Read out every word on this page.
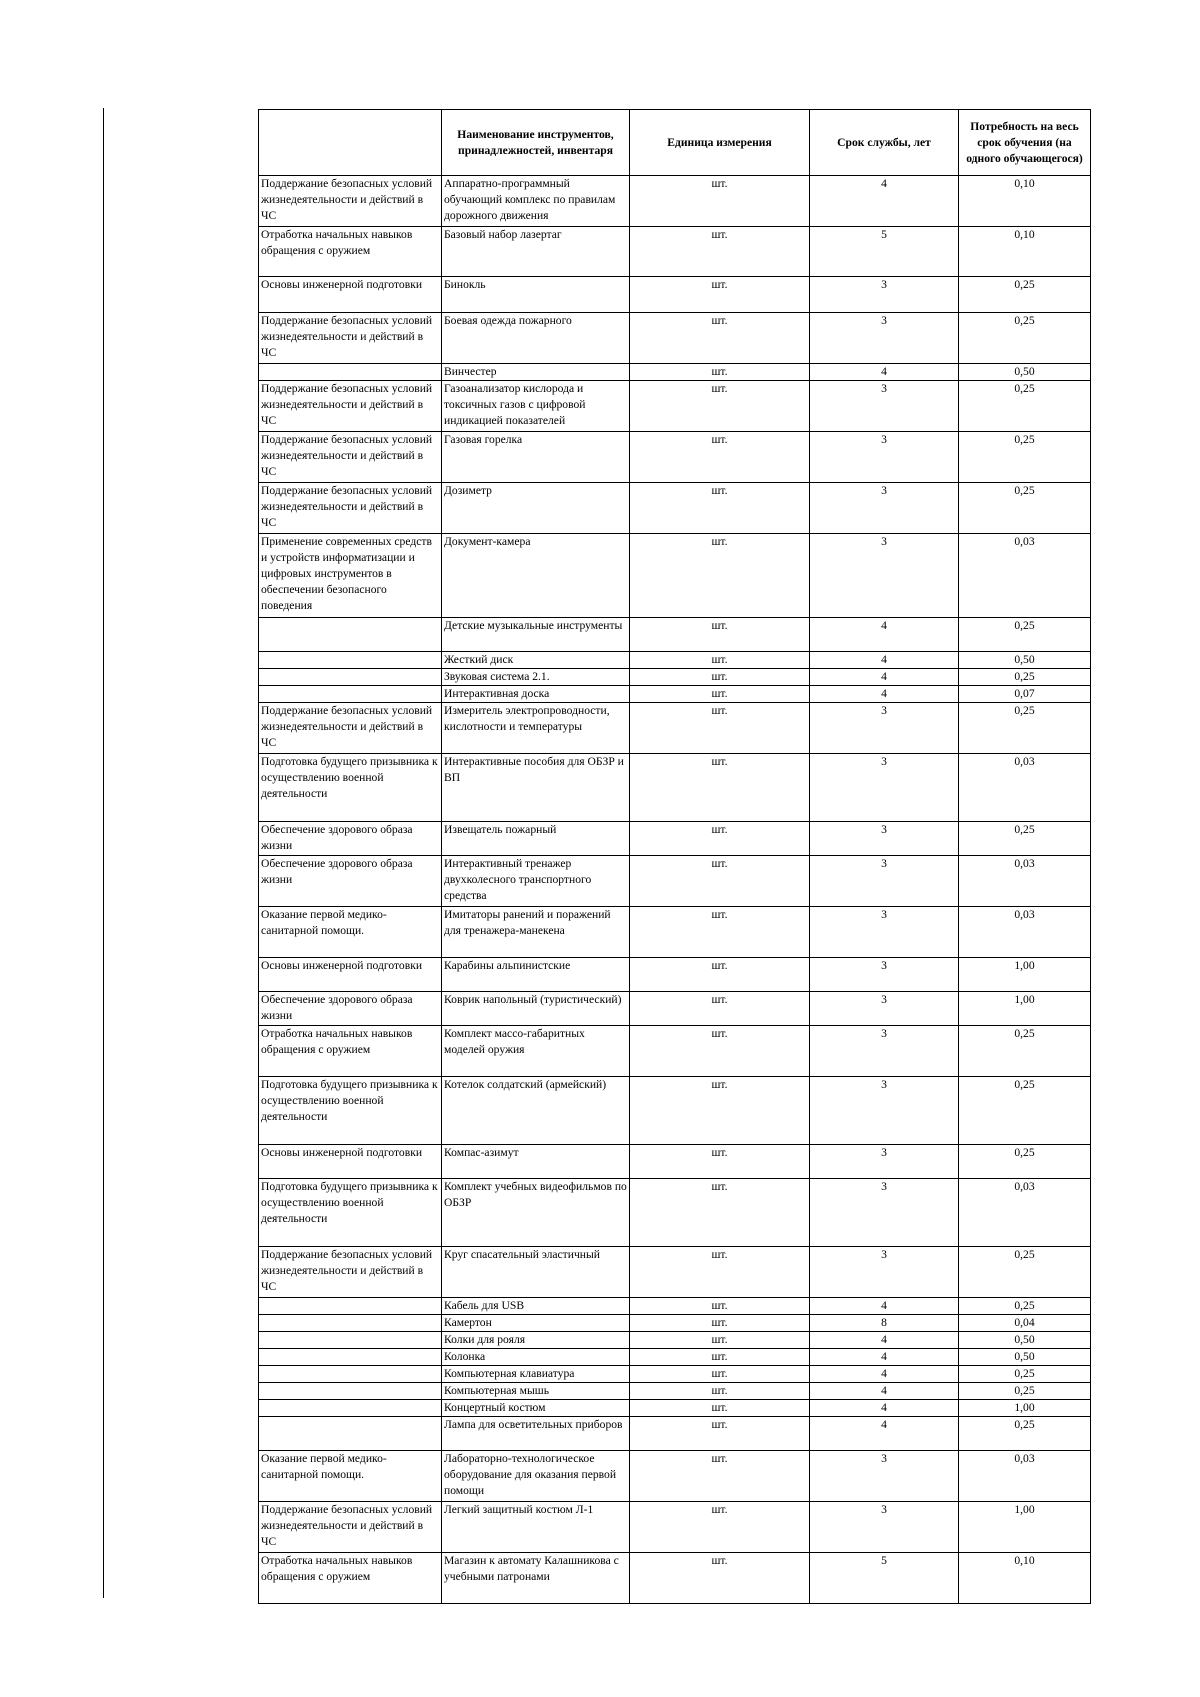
	Наименование инструментов, принадлежностей, инвентаря	Единица измерения	Срок службы, лет	Потребность на весь срок обучения (на одного обучающегося)
Поддержание безопасных условий жизнедеятельности и действий в ЧС	Аппаратно-программный обучающий комплекс по правилам дорожного движения	шт.	4	0,10
Отработка начальных навыков обращения с оружием	Базовый набор лазертаг	шт.	5	0,10
Основы инженерной подготовки	Бинокль	шт.	3	0,25
Поддержание безопасных условий жизнедеятельности и действий в ЧС	Боевая одежда пожарного	шт.	3	0,25
	Винчестер	шт.	4	0,50
Поддержание безопасных условий жизнедеятельности и действий в ЧС	Газоанализатор кислорода и токсичных газов с цифровой индикацией показателей	шт.	3	0,25
Поддержание безопасных условий жизнедеятельности и действий в ЧС	Газовая горелка	шт.	3	0,25
Поддержание безопасных условий жизнедеятельности и действий в ЧС	Дозиметр	шт.	3	0,25
Применение современных средств и устройств информатизации и цифровых инструментов в обеспечении безопасного поведения	Документ-камера	шт.	3	0,03
	Детские музыкальные инструменты	шт.	4	0,25
	Жесткий диск	шт.	4	0,50
	Звуковая система 2.1.	шт.	4	0,25
	Интерактивная доска	шт.	4	0,07
Поддержание безопасных условий жизнедеятельности и действий в ЧС	Измеритель электропроводности, кислотности и температуры	шт.	3	0,25
Подготовка будущего призывника к осуществлению военной деятельности	Интерактивные пособия для ОБЗР и ВП	шт.	3	0,03
Обеспечение здорового образа жизни	Извещатель пожарный	шт.	3	0,25
Обеспечение здорового образа жизни	Интерактивный тренажер двухколесного транспортного средства	шт.	3	0,03
Оказание первой медико-санитарной помощи.	Имитаторы ранений и поражений для тренажера-манекена	шт.	3	0,03
Основы инженерной подготовки	Карабины альпинистские	шт.	3	1,00
Обеспечение здорового образа жизни	Коврик напольный (туристический)	шт.	3	1,00
Отработка начальных навыков обращения с оружием	Комплект массо-габаритных моделей оружия	шт.	3	0,25
Подготовка будущего призывника к осуществлению военной деятельности	Котелок солдатский (армейский)	шт.	3	0,25
Основы инженерной подготовки	Компас-азимут	шт.	3	0,25
Подготовка будущего призывника к осуществлению военной деятельности	Комплект учебных видеофильмов по ОБЗР	шт.	3	0,03
Поддержание безопасных условий жизнедеятельности и действий в ЧС	Круг спасательный эластичный	шт.	3	0,25
	Кабель для USB	шт.	4	0,25
	Камертон	шт.	8	0,04
	Колки для рояля	шт.	4	0,50
	Колонка	шт.	4	0,50
	Компьютерная клавиатура	шт.	4	0,25
	Компьютерная мышь	шт.	4	0,25
	Концертный костюм	шт.	4	1,00
	Лампа для осветительных приборов	шт.	4	0,25
Оказание первой медико-санитарной помощи.	Лабораторно-технологическое оборудование для оказания первой помощи	шт.	3	0,03
Поддержание безопасных условий жизнедеятельности и действий в ЧС	Легкий защитный костюм Л-1	шт.	3	1,00
Отработка начальных навыков обращения с оружием	Магазин к автомату Калашникова с учебными патронами	шт.	5	0,10
